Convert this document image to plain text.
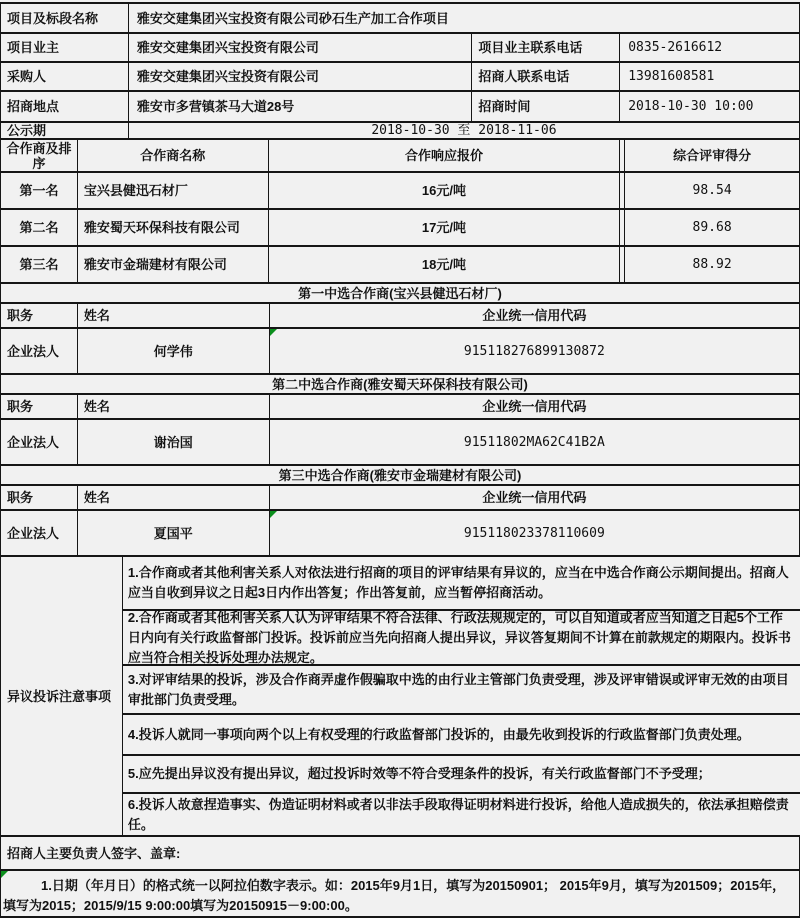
项目及标段名称	雅安交建集团兴宝投资有限公司砂石生产加工合作项目
项目业主	雅安交建集团兴宝投资有限公司	项目业主联系电话	0835-2616612
采购人	雅安交建集团兴宝投资有限公司	招商人联系电话	13981608581
招商地点	雅安市多营镇茶马大道28号	招商时间	2018-10-30 10:00
公示期	2018-10-30 至 2018-11-06
合作商及排序	合作商名称	合作响应报价	综合评审得分
第一名	宝兴县健迅石材厂	16元/吨	98.54
第二名	雅安蜀天环保科技有限公司	17元/吨	89.68
第三名	雅安市金瑞建材有限公司	18元/吨	88.92
第一中选合作商(宝兴县健迅石材厂)
职务	姓名	企业统一信用代码
企业法人	何学伟	915118276899130872
第二中选合作商(雅安蜀天环保科技有限公司)
职务	姓名	企业统一信用代码
企业法人	谢治国	91511802MA62C41B2A
第三中选合作商(雅安市金瑞建材有限公司)
职务	姓名	企业统一信用代码
企业法人	夏国平	915118023378110609
异议投诉注意事项
1.合作商或者其他利害关系人对依法进行招商的项目的评审结果有异议的，应当在中选合作商公示期间提出。招商人应当自收到异议之日起3日内作出答复；作出答复前，应当暂停招商活动。
2.合作商或者其他利害关系人认为评审结果不符合法律、行政法规规定的，可以自知道或者应当知道之日起5个工作日内向有关行政监督部门投诉。投诉前应当先向招商人提出异议，异议答复期间不计算在前款规定的期限内。投诉书应当符合相关投诉处理办法规定。
3.对评审结果的投诉，涉及合作商弄虚作假骗取中选的由行业主管部门负责受理，涉及评审错误或评审无效的由项目审批部门负责受理。
4.投诉人就同一事项向两个以上有权受理的行政监督部门投诉的，由最先收到投诉的行政监督部门负责处理。
5.应先提出异议没有提出异议，超过投诉时效等不符合受理条件的投诉，有关行政监督部门不予受理；
6.投诉人故意捏造事实、伪造证明材料或者以非法手段取得证明材料进行投诉，给他人造成损失的，依法承担赔偿责任。
招商人主要负责人签字、盖章:

1.日期（年月日）的格式统一以阿拉伯数字表示。如：2015年9月1日，填写为20150901； 2015年9月，填写为201509；2015年，填写为2015；2015/9/15 9:00:00填写为20150915－9:00:00。
